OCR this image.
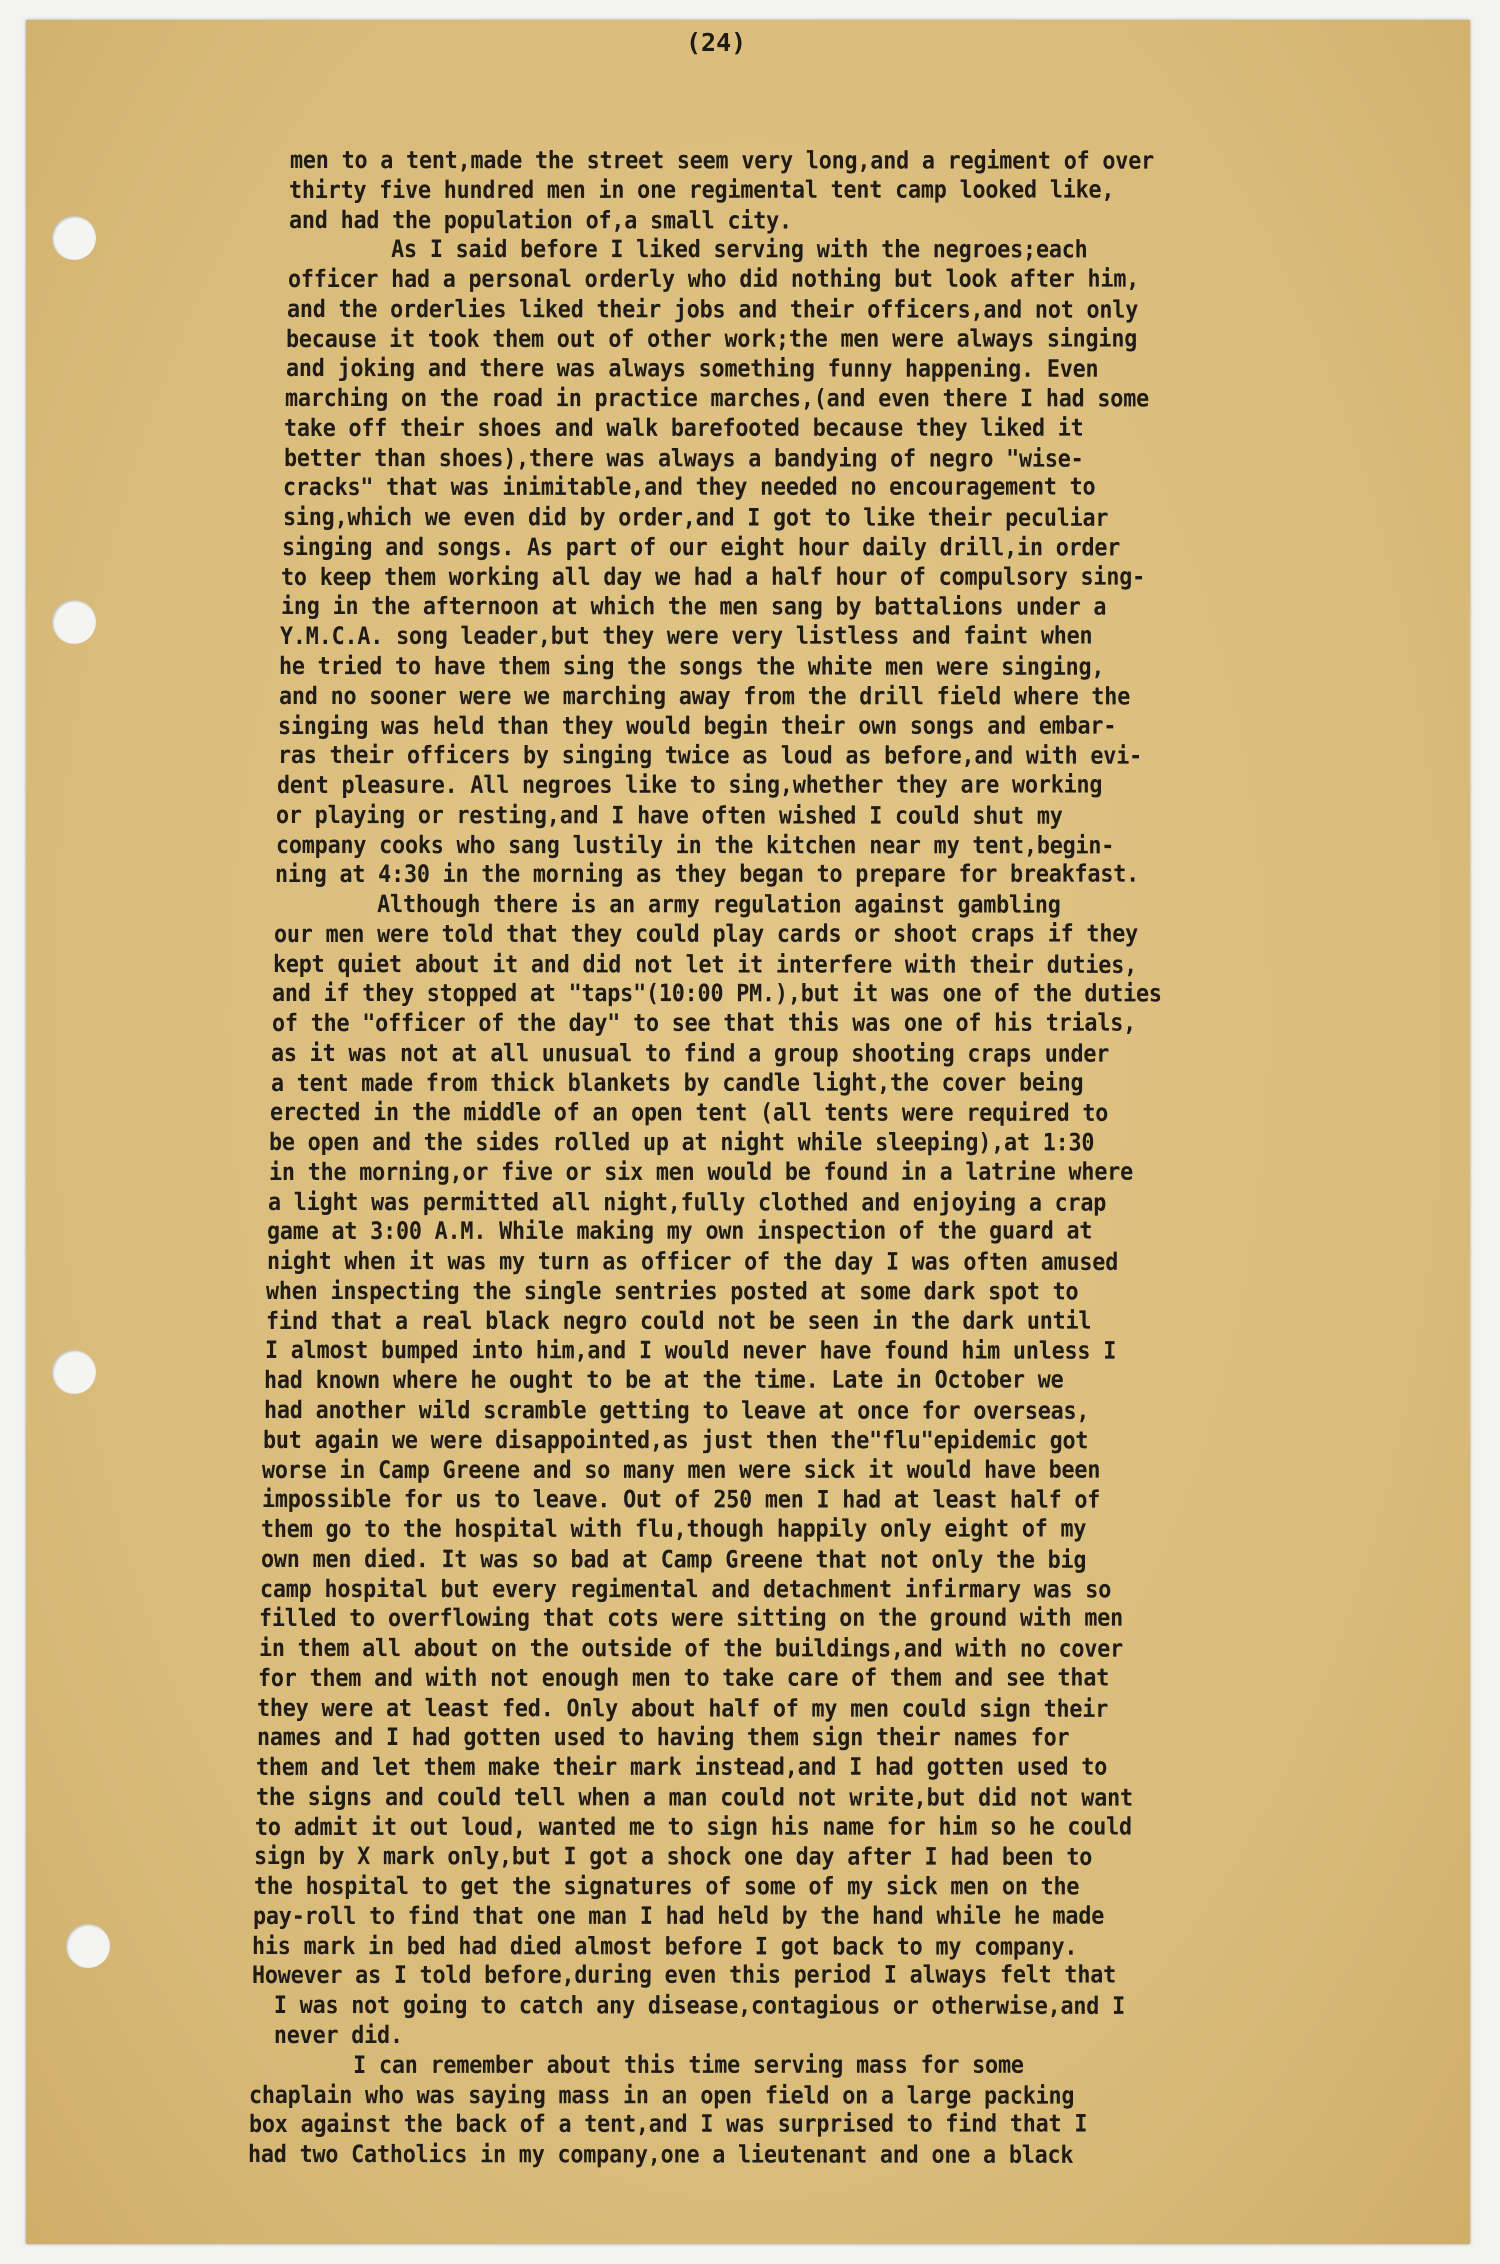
(24)
men to a tent,made the street seem very long,and a regiment of over
thirty five hundred men in one regimental tent camp looked like,
and had the population of,a small city.
As I said before I liked serving with the negroes;each
officer had a personal orderly who did nothing but look after him,
and the orderlies liked their jobs and their officers,and not only
because it took them out of other work;the men were always singing
and joking and there was always something funny happening. Even
marching on the road in practice marches,(and even there I had some
take off their shoes and walk barefooted because they liked it
better than shoes),there was always a bandying of negro "wise-
cracks" that was inimitable,and they needed no encouragement to
sing,which we even did by order,and I got to like their peculiar
singing and songs. As part of our eight hour daily drill,in order
to keep them working all day we had a half hour of compulsory sing-
ing in the afternoon at which the men sang by battalions under a
Y.M.C.A. song leader,but they were very listless and faint when
he tried to have them sing the songs the white men were singing,
and no sooner were we marching away from the drill field where the
singing was held than they would begin their own songs and embar-
ras their officers by singing twice as loud as before,and with evi-
dent pleasure. All negroes like to sing,whether they are working
or playing or resting,and I have often wished I could shut my
company cooks who sang lustily in the kitchen near my tent,begin-
ning at 4:30 in the morning as they began to prepare for breakfast.
Although there is an army regulation against gambling
our men were told that they could play cards or shoot craps if they
kept quiet about it and did not let it interfere with their duties,
and if they stopped at "taps"(10:00 PM.),but it was one of the duties
of the "officer of the day" to see that this was one of his trials,
as it was not at all unusual to find a group shooting craps under
a tent made from thick blankets by candle light,the cover being
erected in the middle of an open tent (all tents were required to
be open and the sides rolled up at night while sleeping),at 1:30
in the morning,or five or six men would be found in a latrine where
a light was permitted all night,fully clothed and enjoying a crap
game at 3:00 A.M. While making my own inspection of the guard at
night when it was my turn as officer of the day I was often amused
when inspecting the single sentries posted at some dark spot to
find that a real black negro could not be seen in the dark until
I almost bumped into him,and I would never have found him unless I
had known where he ought to be at the time. Late in October we
had another wild scramble getting to leave at once for overseas,
but again we were disappointed,as just then the"flu"epidemic got
worse in Camp Greene and so many men were sick it would have been
impossible for us to leave. Out of 250 men I had at least half of
them go to the hospital with flu,though happily only eight of my
own men died. It was so bad at Camp Greene that not only the big
camp hospital but every regimental and detachment infirmary was so
filled to overflowing that cots were sitting on the ground with men
in them all about on the outside of the buildings,and with no cover
for them and with not enough men to take care of them and see that
they were at least fed. Only about half of my men could sign their
names and I had gotten used to having them sign their names for
them and let them make their mark instead,and I had gotten used to
the signs and could tell when a man could not write,but did not want
to admit it out loud, wanted me to sign his name for him so he could
sign by X mark only,but I got a shock one day after I had been to
the hospital to get the signatures of some of my sick men on the
pay-roll to find that one man I had held by the hand while he made
his mark in bed had died almost before I got back to my company.
However as I told before,during even this period I always felt that
I was not going to catch any disease,contagious or otherwise,and I
never did.
I can remember about this time serving mass for some
chaplain who was saying mass in an open field on a large packing
box against the back of a tent,and I was surprised to find that I
had two Catholics in my company,one a lieutenant and one a black
